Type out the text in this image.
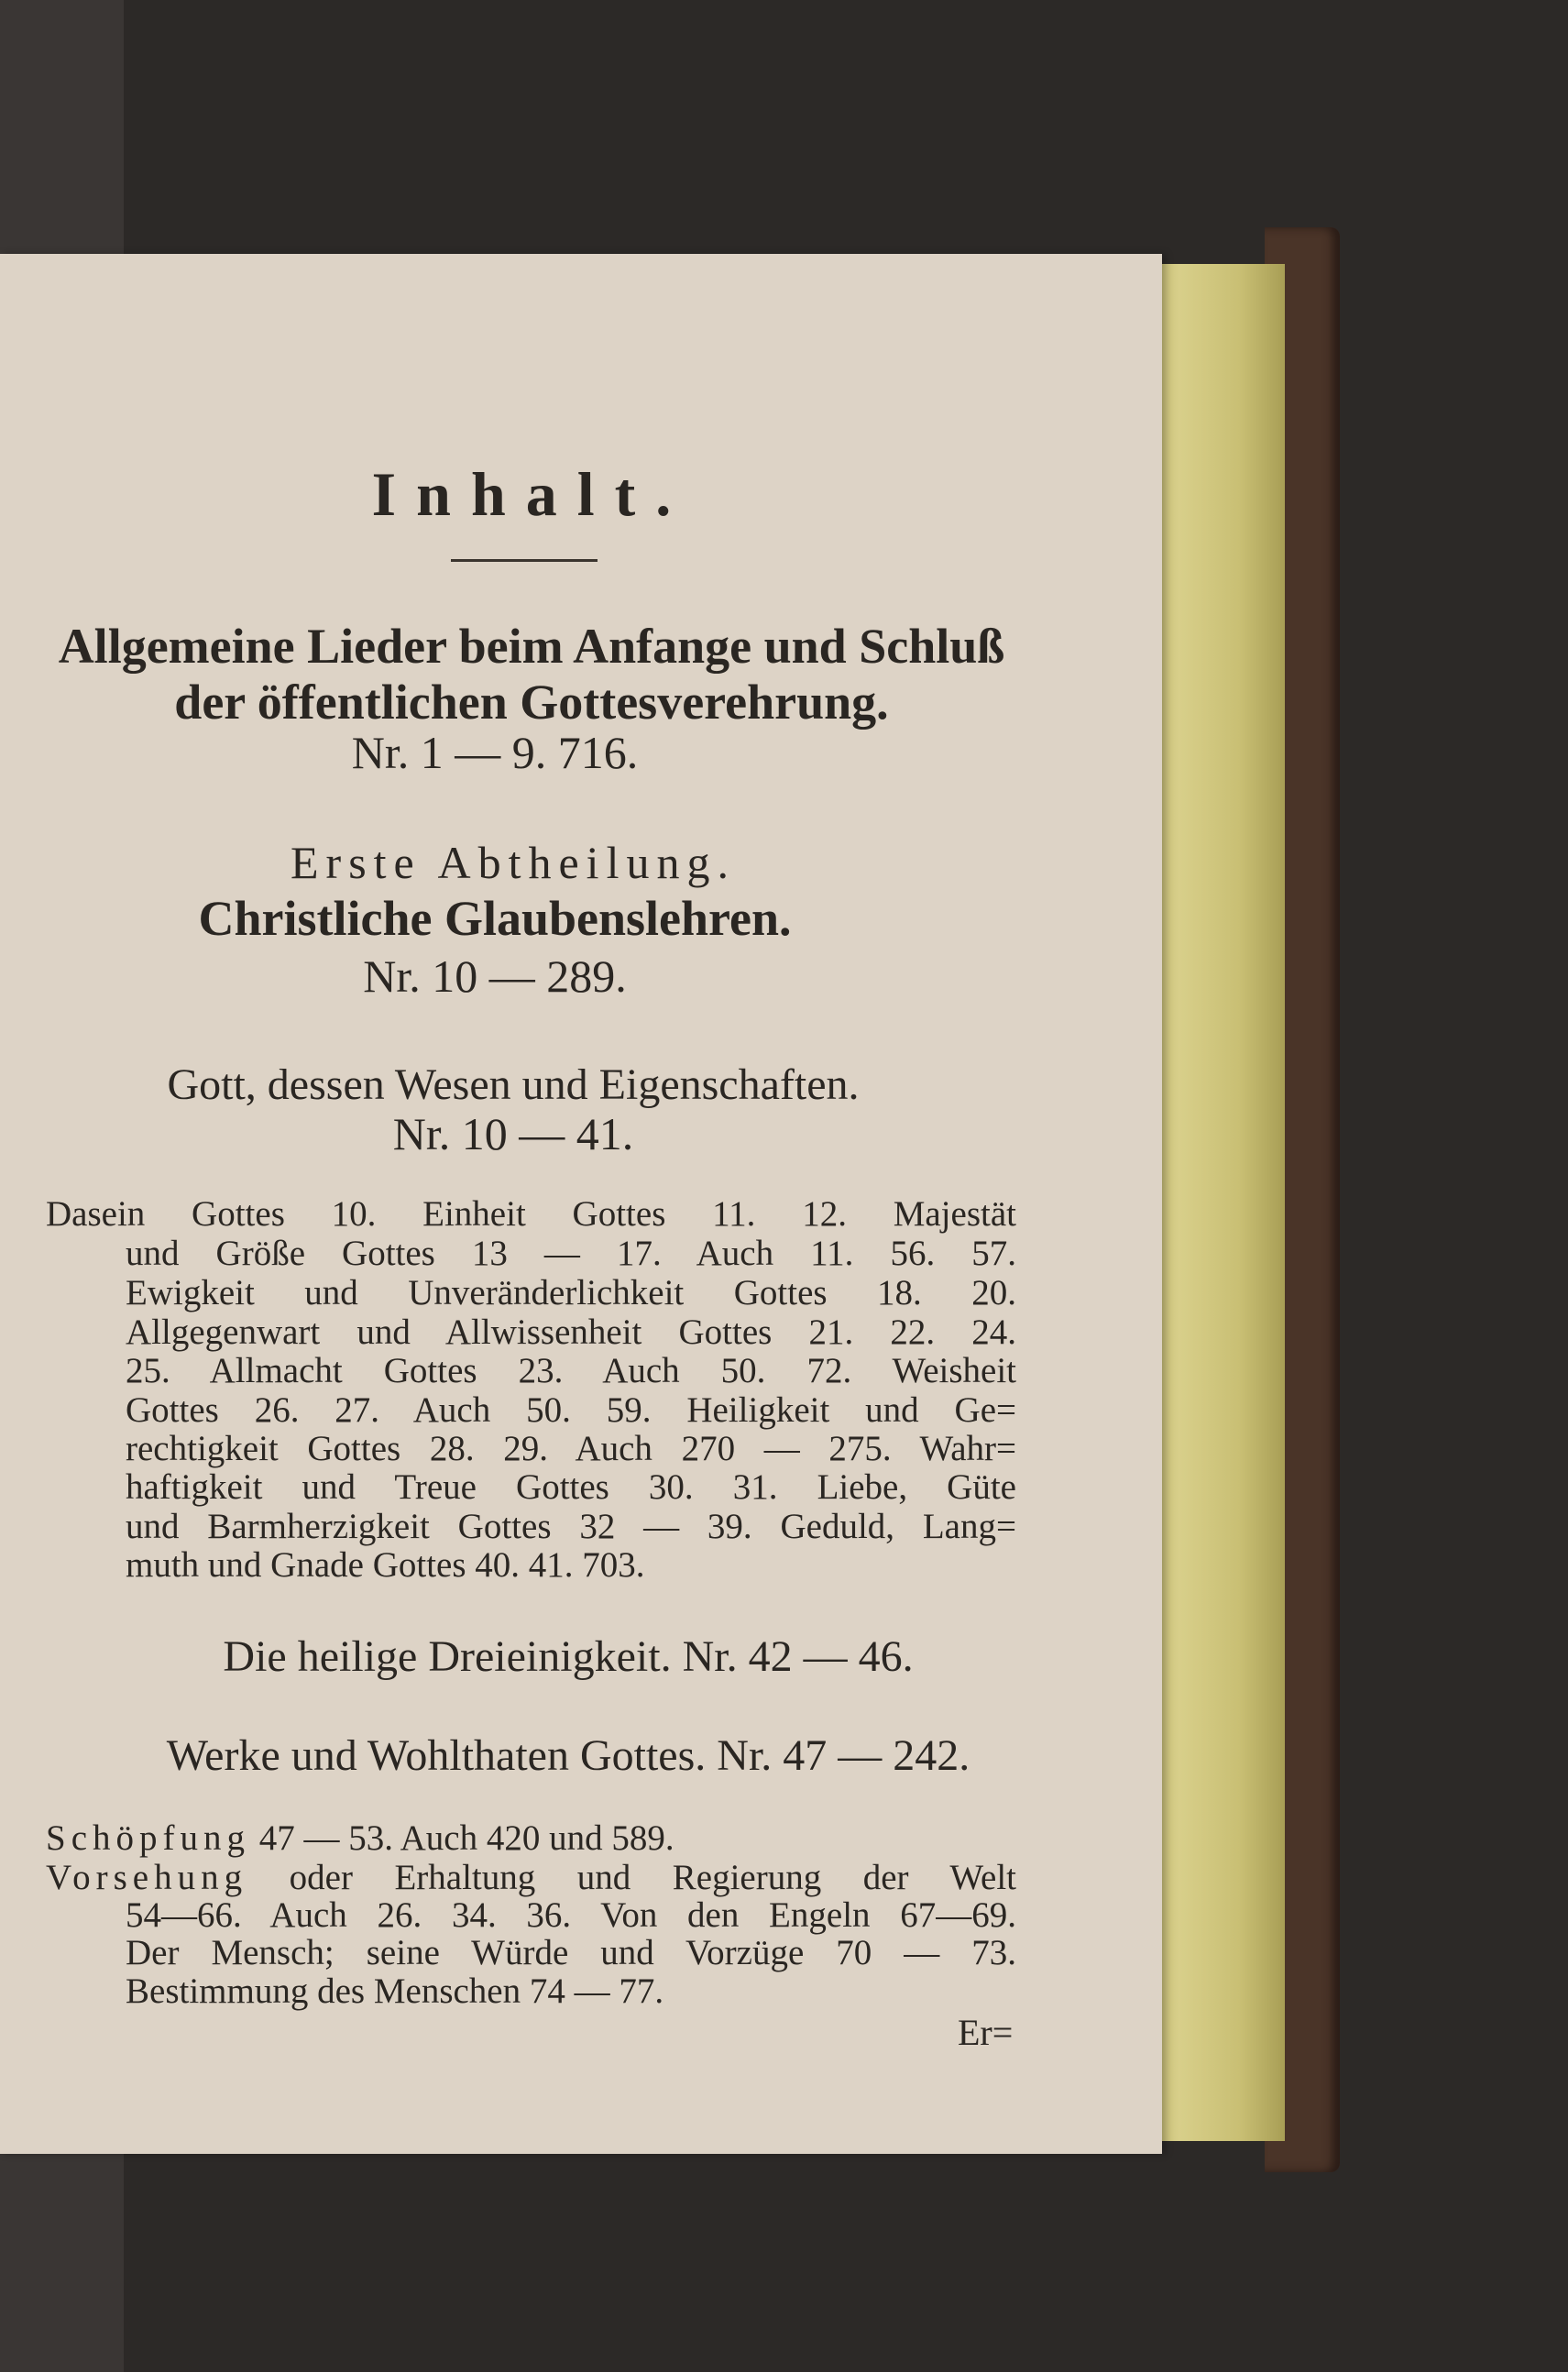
Inhalt.
Allgemeine Lieder beim Anfange und Schluß
der öffentlichen Gottesverehrung.
Nr. 1 — 9. 716.
Erste Abtheilung.
Christliche Glaubenslehren.
Nr. 10 — 289.
Gott, dessen Wesen und Eigenschaften.
Nr. 10 — 41.
Dasein Gottes 10. Einheit Gottes 11. 12. Majestät
und Größe Gottes 13 — 17. Auch 11. 56. 57.
Ewigkeit und Unveränderlichkeit Gottes 18. 20.
Allgegenwart und Allwissenheit Gottes 21. 22. 24.
25. Allmacht Gottes 23. Auch 50. 72. Weisheit
Gottes 26. 27. Auch 50. 59. Heiligkeit und Ge=
rechtigkeit Gottes 28. 29. Auch 270 — 275. Wahr=
haftigkeit und Treue Gottes 30. 31. Liebe, Güte
und Barmherzigkeit Gottes 32 — 39. Geduld, Lang=
muth und Gnade Gottes 40. 41. 703.
Die heilige Dreieinigkeit. Nr. 42 — 46.
Werke und Wohlthaten Gottes. Nr. 47 — 242.
Schöpfung 47 — 53. Auch 420 und 589.
Vorsehung oder Erhaltung und Regierung der Welt
54—66. Auch 26. 34. 36. Von den Engeln 67—69.
Der Mensch; seine Würde und Vorzüge 70 — 73.
Bestimmung des Menschen 74 — 77.
Er=
